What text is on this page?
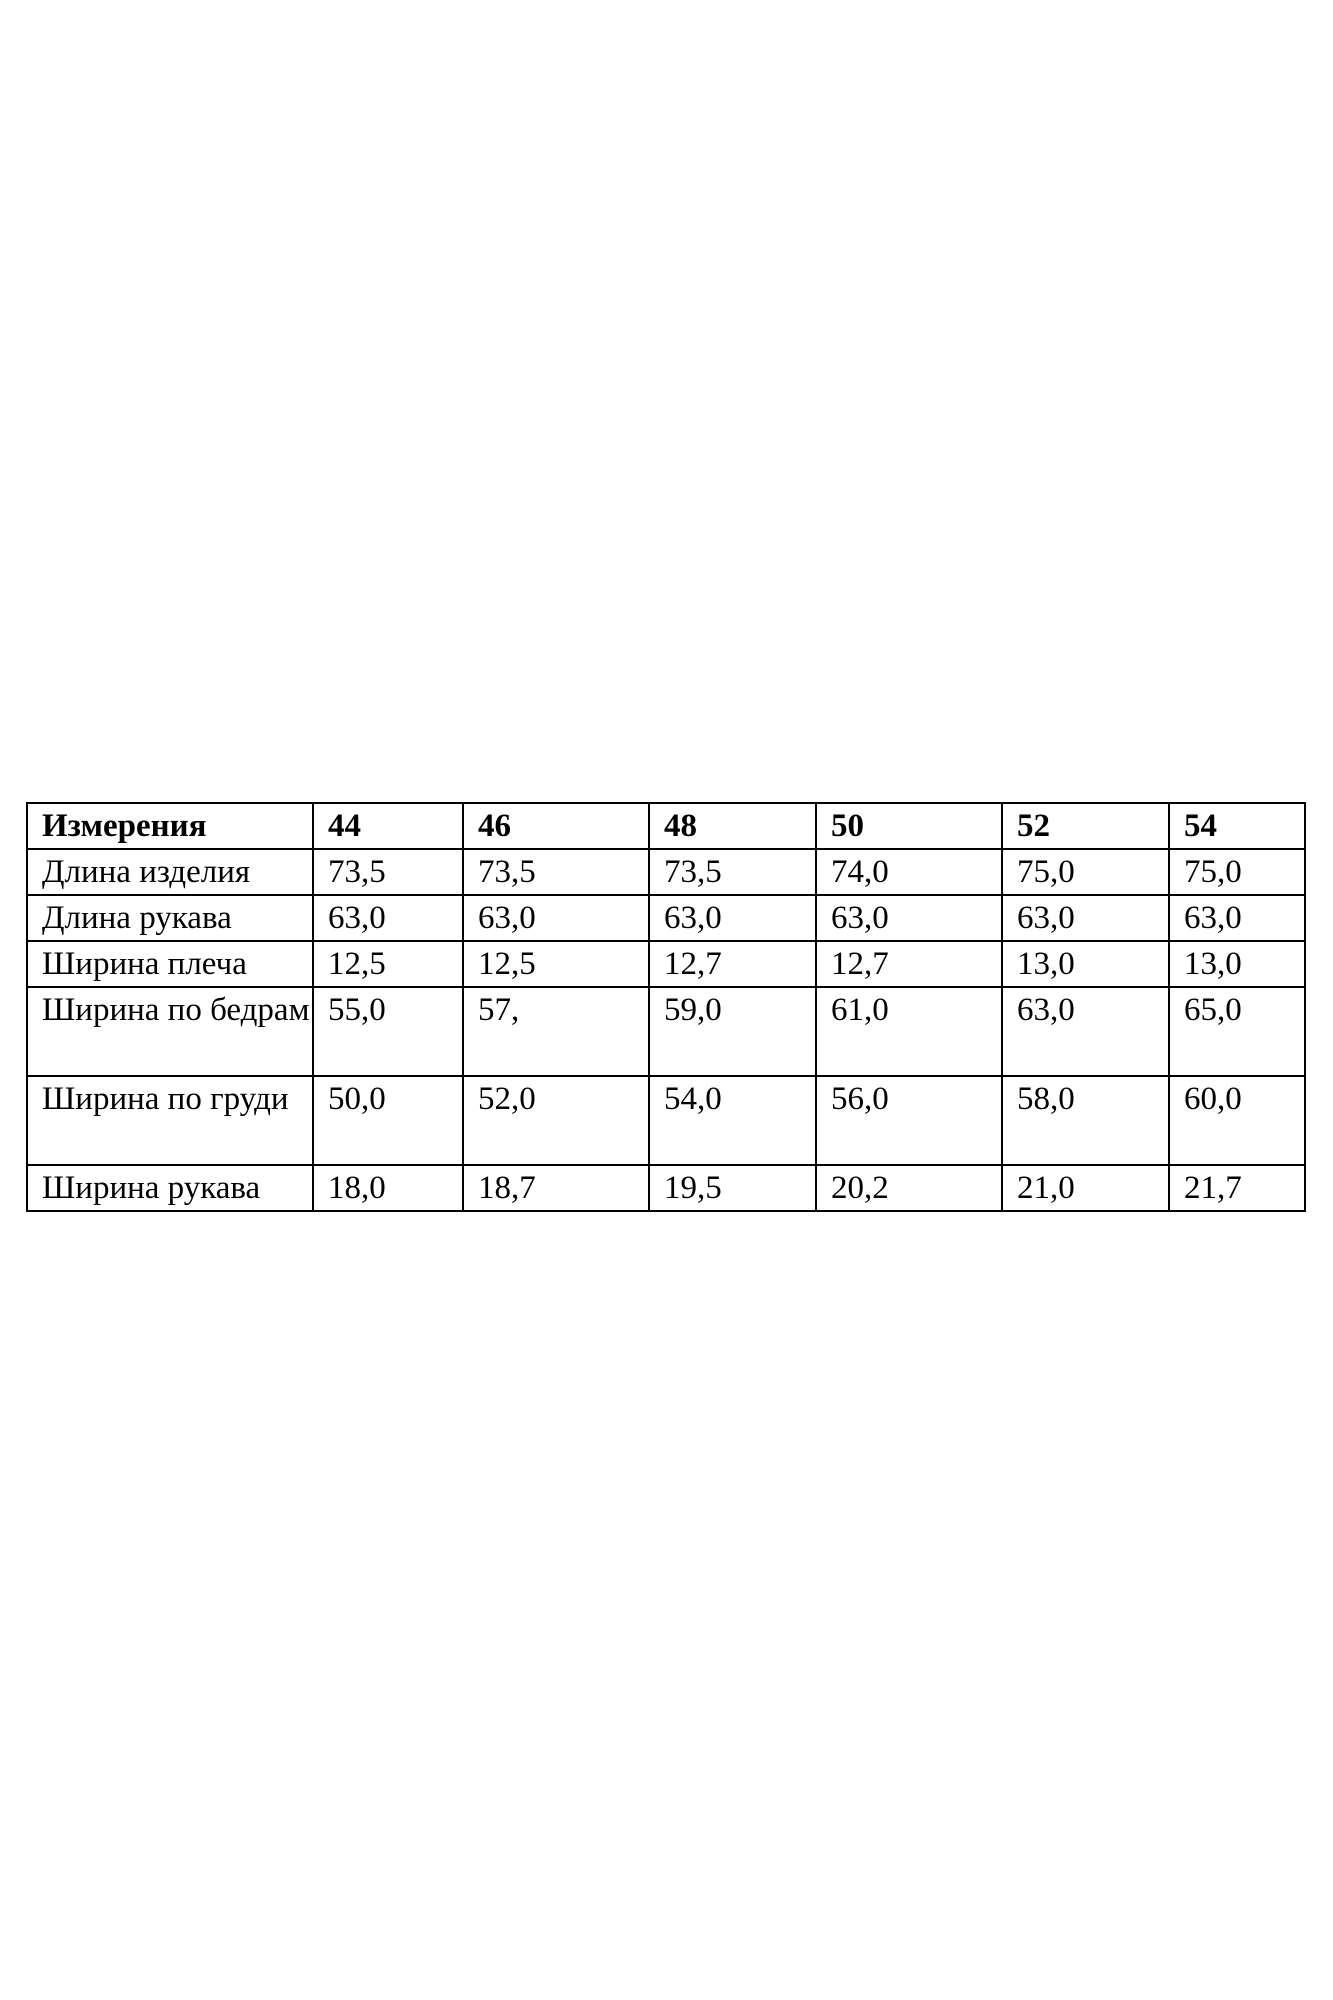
Измерения	44	46	48	50	52	54
Длина изделия	73,5	73,5	73,5	74,0	75,0	75,0
Длина рукава	63,0	63,0	63,0	63,0	63,0	63,0
Ширина плеча	12,5	12,5	12,7	12,7	13,0	13,0
Ширина по бедрам	55,0	57,	59,0	61,0	63,0	65,0
Ширина по груди	50,0	52,0	54,0	56,0	58,0	60,0
Ширина рукава	18,0	18,7	19,5	20,2	21,0	21,7
